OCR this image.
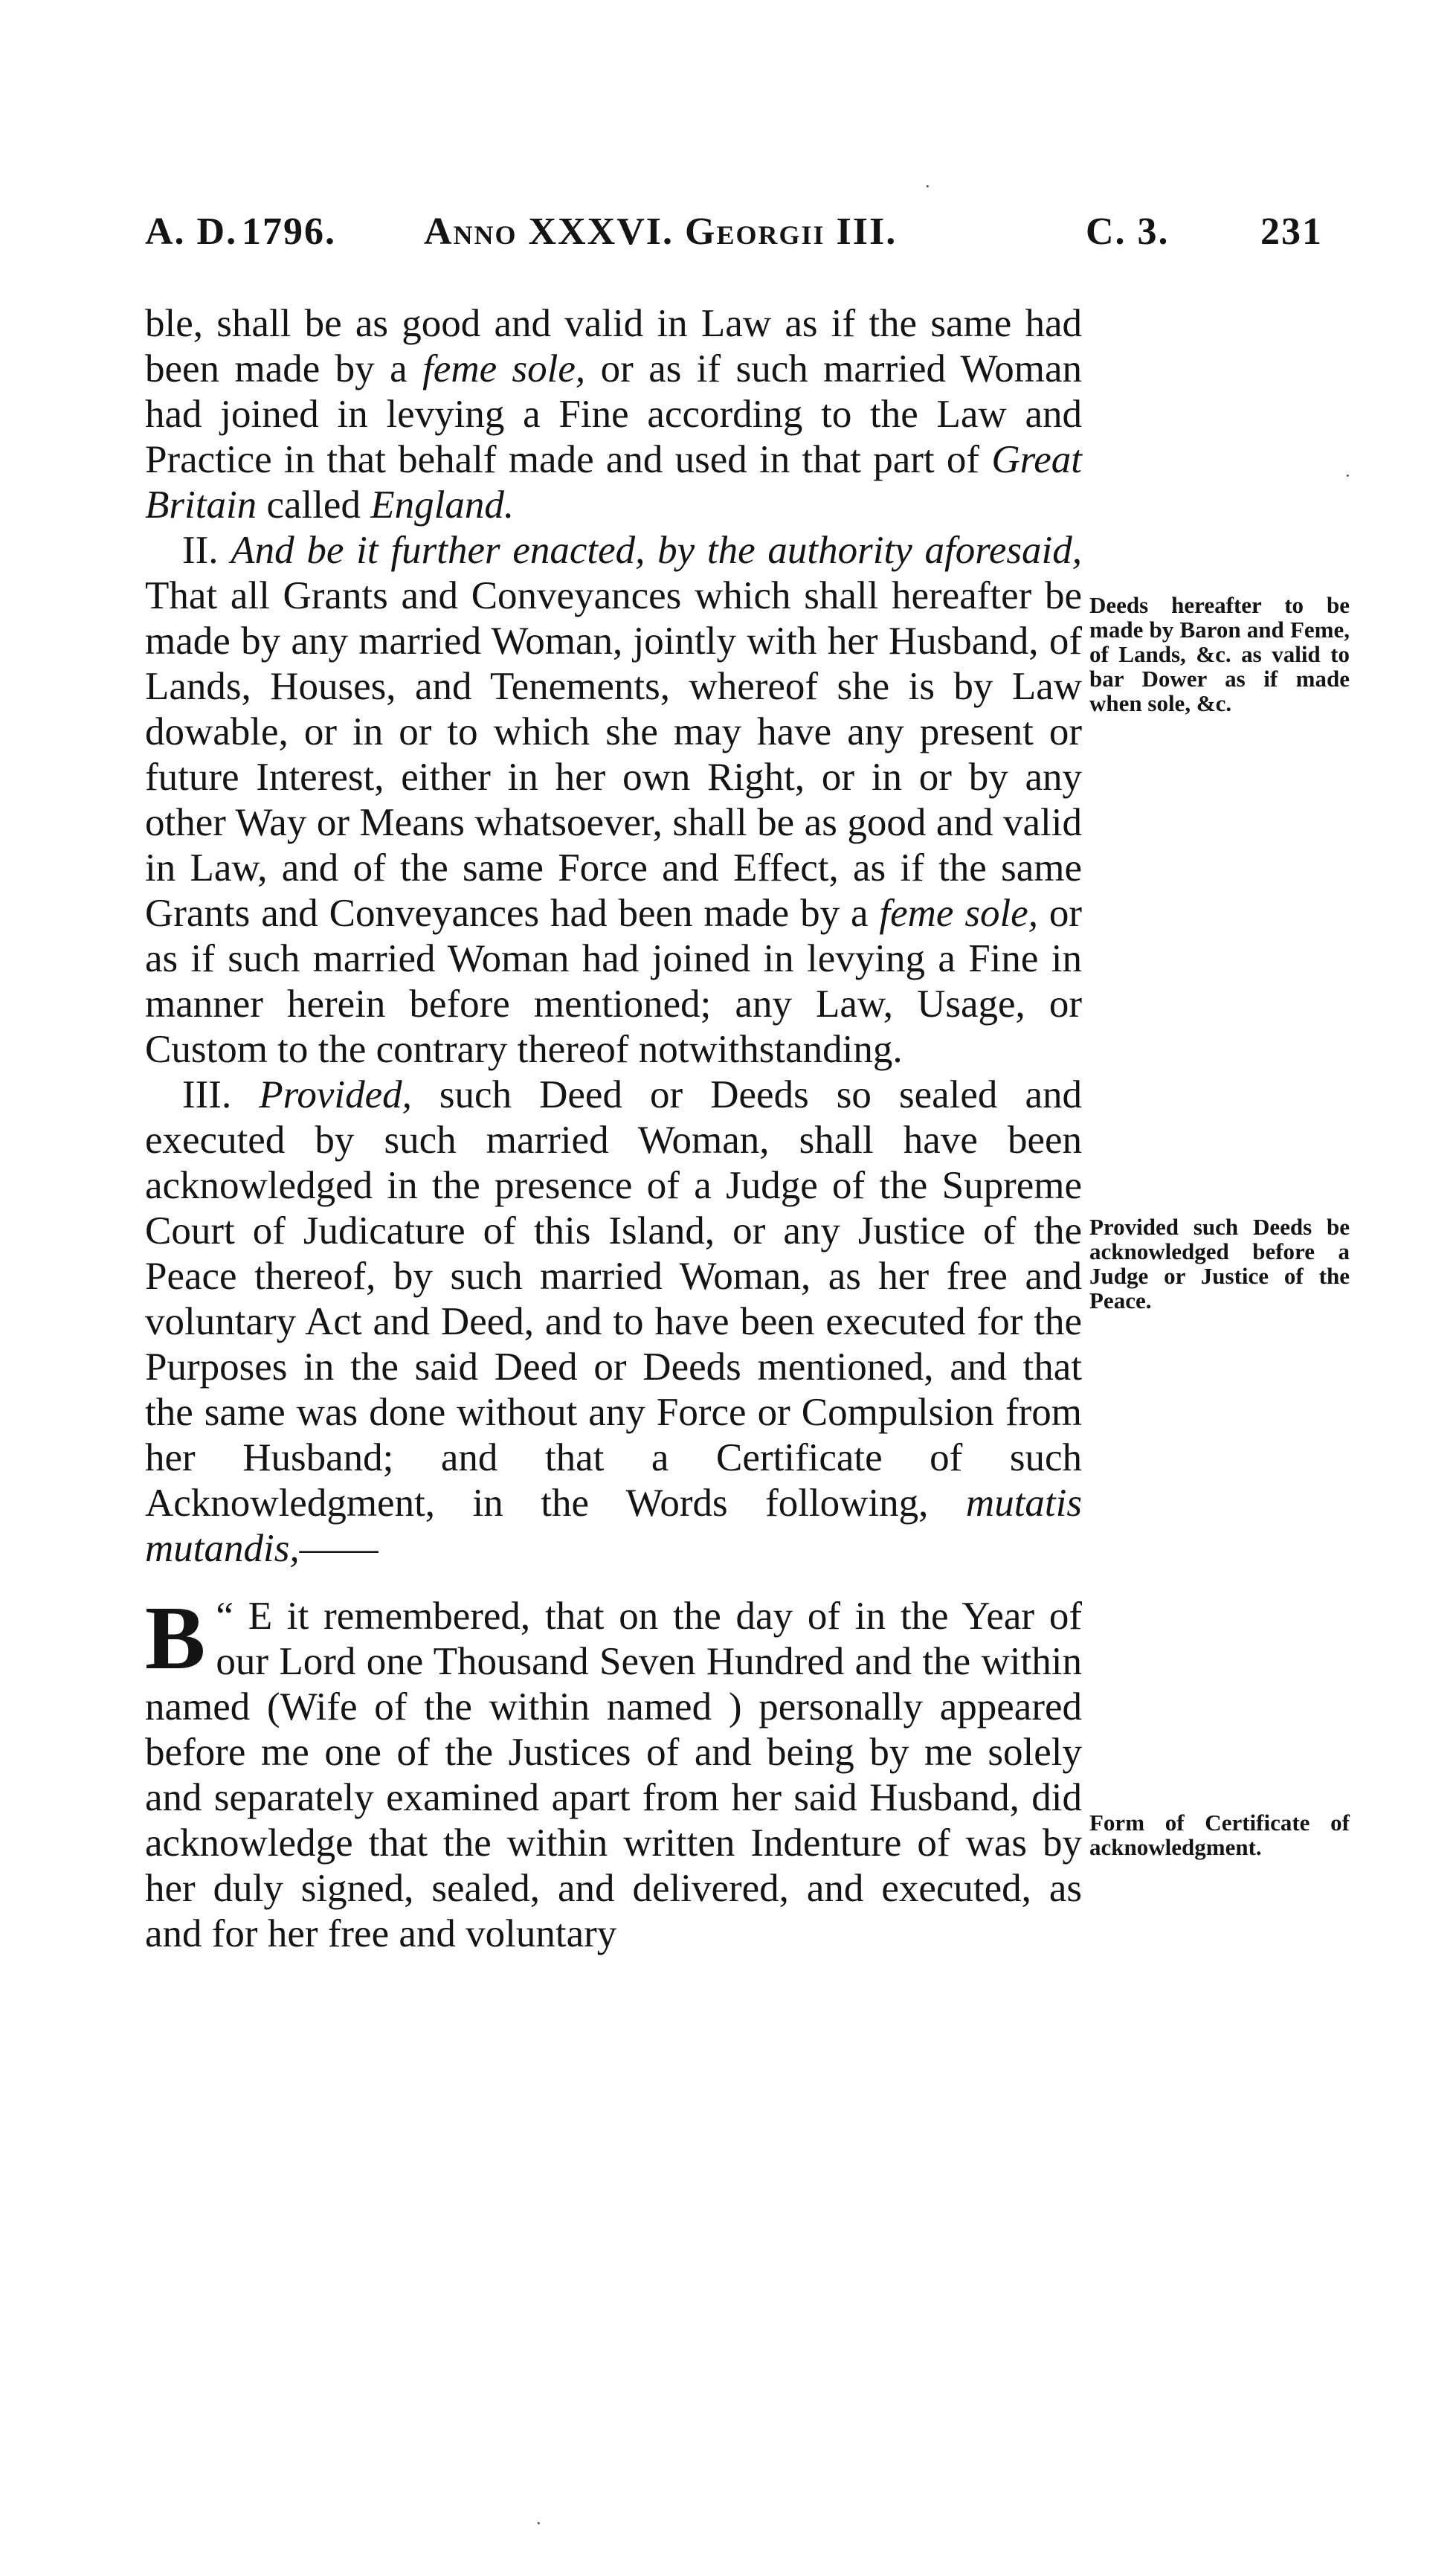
A. D. 1796. Anno XXXVI. Georgii III.	C. 3. 231

ble, shall be as good and valid in Law as if the same had been made by a feme sole, or as if such married Woman had joined in levying a Fine according to the Law and Practice in that behalf made and used in that part of Great Britain called England.

II. And be it further enacted, by the authority aforesaid, That all Grants and Conveyances which shall hereafter be made by any married Woman, jointly with her Husband, of Lands, Houses, and Tenements, whereof she is by Law dowable, or in or to which she may have any present or future Interest, either in her own Right, or in or by any other Way or Means whatsoever, shall be as good and valid in Law, and of the same Force and Effect, as if the same Grants and Conveyances had been made by a feme sole, or as if such married Woman had joined in levying a Fine in manner herein before mentioned; any Law, Usage, or Custom to the contrary thereof notwithstanding.

III. Provided, such Deed or Deeds so sealed and executed by such married Woman, shall have been acknowledged in the presence of a Judge of the Supreme Court of Judicature of this Island, or any Justice of the Peace thereof, by such married Woman, as her free and voluntary Act and Deed, and to have been executed for the Purposes in the said Deed or Deeds mentioned, and that the same was done without any Force or Compulsion from her Husband; and that a Certificate of such Acknowledgment, in the Words following, mutatis mutandis,——

“
B E it remembered, that on the day of in the Year of our Lord one Thousand Seven Hundred and the within named (Wife of the within named ) personally appeared before me one of the Justices of and being by me solely and separately examined apart from her said Husband, did acknowledge that the within written Indenture of was by her duly signed, sealed, and delivered, and executed, as and for her free and voluntary

Deeds hereafter to be made by Baron and Feme, of Lands, &c. as valid to bar Dower as if made when sole, &c.
Provided such Deeds be acknowledged before a Judge or Justice of the Peace.
Form of Certificate of acknowledgment.
·
·
·
